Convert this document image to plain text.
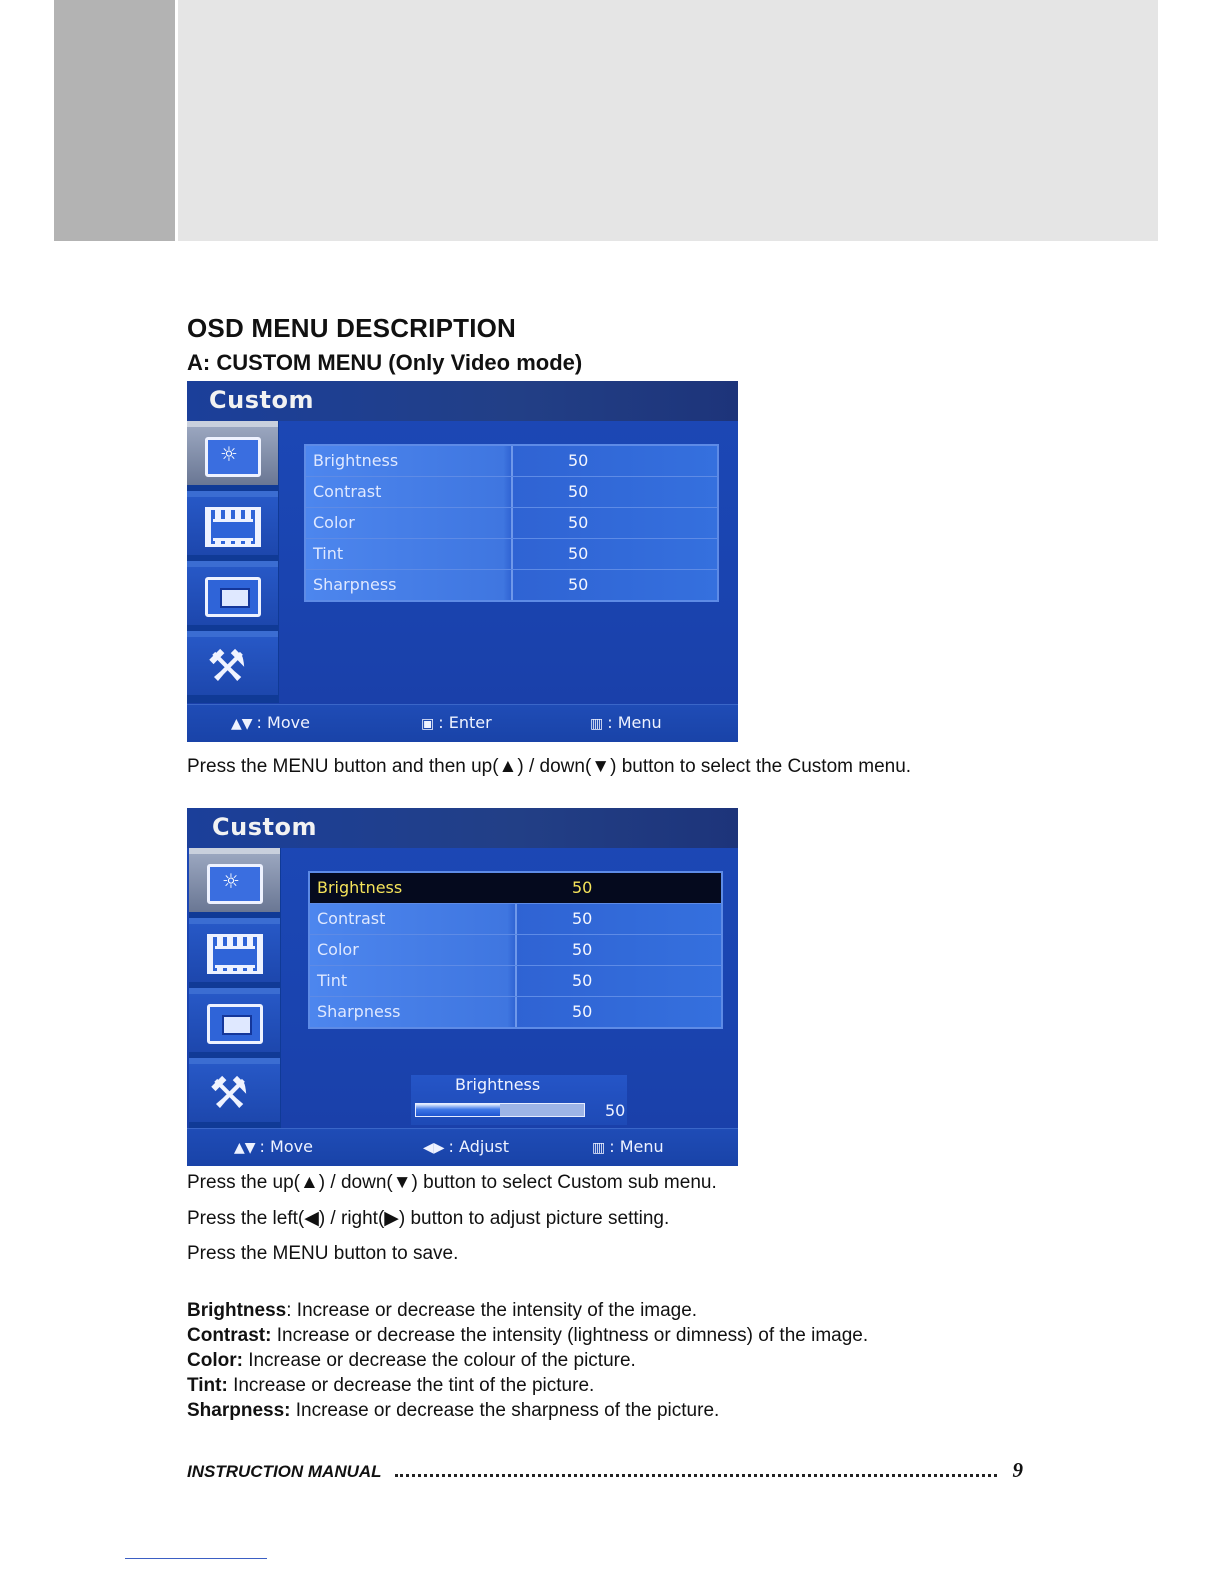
OSD MENU DESCRIPTION
A: CUSTOM MENU (Only Video mode)
Custom
☼
⚒
Brightness	50
Contrast	50
Color	50
Tint	50
Sharpness	50
▲▼ : Move	▣ : Enter	▥ : Menu
Press the MENU button and then up(▲) / down(▼) button to select the Custom menu.
Custom
☼
⚒
Brightness	50
Contrast	50
Color	50
Tint	50
Sharpness	50
Brightness
50
▲▼ : Move	◀▶ : Adjust	▥ : Menu
Press the up(▲) / down(▼) button to select Custom sub menu.
Press the left(◀) / right(▶) button to adjust picture setting.
Press the MENU button to save.
Brightness: Increase or decrease the intensity of the image.
Contrast: Increase or decrease the intensity (lightness or dimness) of the image.
Color: Increase or decrease the colour of the picture.
Tint: Increase or decrease the tint of the picture.
Sharpness: Increase or decrease the sharpness of the picture.
INSTRUCTION MANUAL	9
